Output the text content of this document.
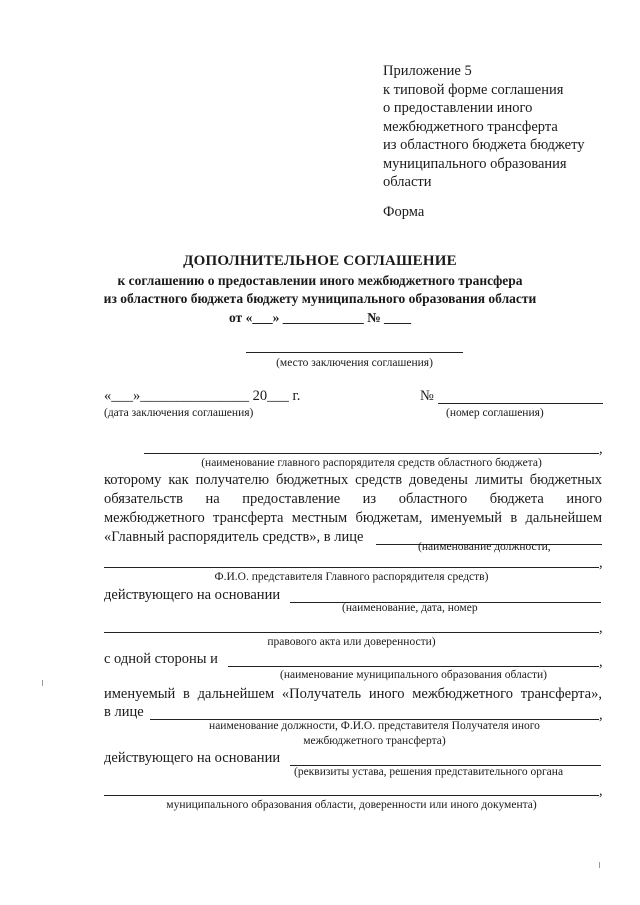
Приложение 5
к типовой форме соглашения
о предоставлении иного
межбюджетного трансферта
из областного бюджета бюджету
муниципального образования
области
Форма
ДОПОЛНИТЕЛЬНОЕ СОГЛАШЕНИЕ
к соглашению о предоставлении иного межбюджетного трансфера
из областного бюджета бюджету муниципального образования области
от «___» ____________ № ____
(место заключения соглашения)
«___»_______________ 20___ г.
(дата заключения соглашения)
№
(номер соглашения)
,
(наименование главного распорядителя средств областного бюджета)
которому как получателю бюджетных средств доведены лимиты бюджетных
обязательств на предоставление из областного бюджета иного
межбюджетного трансферта местным бюджетам, именуемый в дальнейшем
«Главный распорядитель средств», в лице
(наименование должности,
,
Ф.И.О. представителя Главного распорядителя средств)
действующего на основании
(наименование, дата, номер
,
правового акта или доверенности)
с одной стороны и	,
(наименование муниципального образования области)
именуемый в дальнейшем «Получатель иного межбюджетного трансферта»,
в лице	,
наименование должности, Ф.И.О. представителя Получателя иного
межбюджетного трансферта)
действующего на основании
(реквизиты устава, решения представительного органа
,
муниципального образования области, доверенности или иного документа)
